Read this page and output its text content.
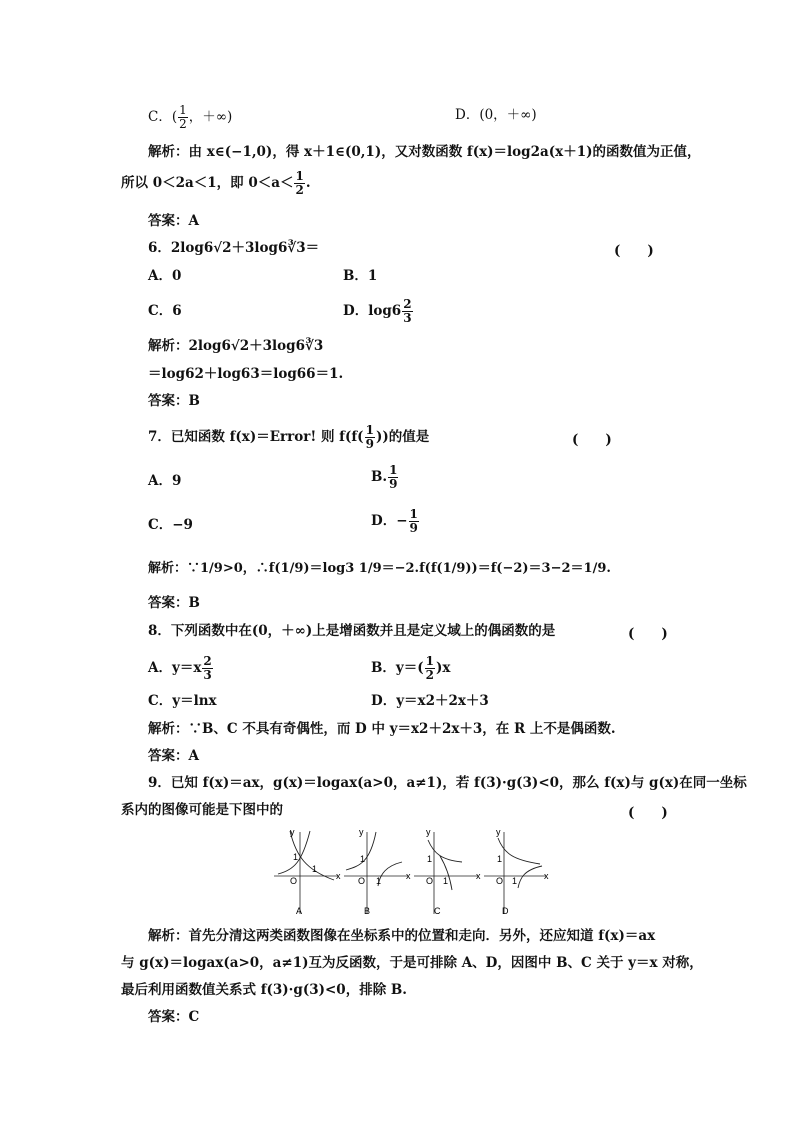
C．( $\frac{1}{2}$ ，＋∞)	D．(0，＋∞)
解析：由 x∈(−1,0)，得 x＋1∈(0,1)，又对数函数 f(x)＝log2a(x＋1)的函数值为正值，
所以 0＜2a＜1，即 $0<a< \frac{1}{2}$ .
答案：A
6．2log6√2＋3log6∛3＝	(　　)
A．0	B．1
C．6	D．$\log 6 \frac{2}{3}$
解析：2log6√2＋3log6∛3
＝log62＋log63＝log66＝1.
答案：B
7．已知函数 f(x)＝Error! 则 $f(f( \frac{1}{9}$ ))的值是	(　　)
A．9	B. $\frac{1}{9}$
C．−9	D．− $\frac{1}{9}$
解析：∵1/9>0，∴f(1/9)＝log3 1/9＝−2.f(f(1/9))＝f(−2)＝3−2＝1/9.
答案：B
8．下列函数中在(0，＋∞)上是增函数并且是定义域上的偶函数的是	(　　)
A．$y=x \frac{2}{3}$	B．$y=( \frac{1}{2} )x$
C．y＝lnx	D．y＝x2＋2x＋3
解析：∵B、C 不具有奇偶性，而 D 中 y＝x2＋2x＋3，在 R 上不是偶函数.
答案：A
9．已知 f(x)＝ax，g(x)＝logax(a>0，a≠1)，若 f(3)·g(3)<0，那么 f(x)与 g(x)在同一坐标
系内的图像可能是下图中的	(　　)
y
x
O
1
1
y
x
O
1
1
y
x
O
1
1
y
x
O
1
1
A	B	C	D
解析：首先分清这两类函数图像在坐标系中的位置和走向．另外，还应知道 f(x)＝ax
与 g(x)＝logax(a>0，a≠1)互为反函数，于是可排除 A、D，因图中 B、C 关于 y＝x 对称，
最后利用函数值关系式 f(3)·g(3)<0，排除 B.
答案：C
